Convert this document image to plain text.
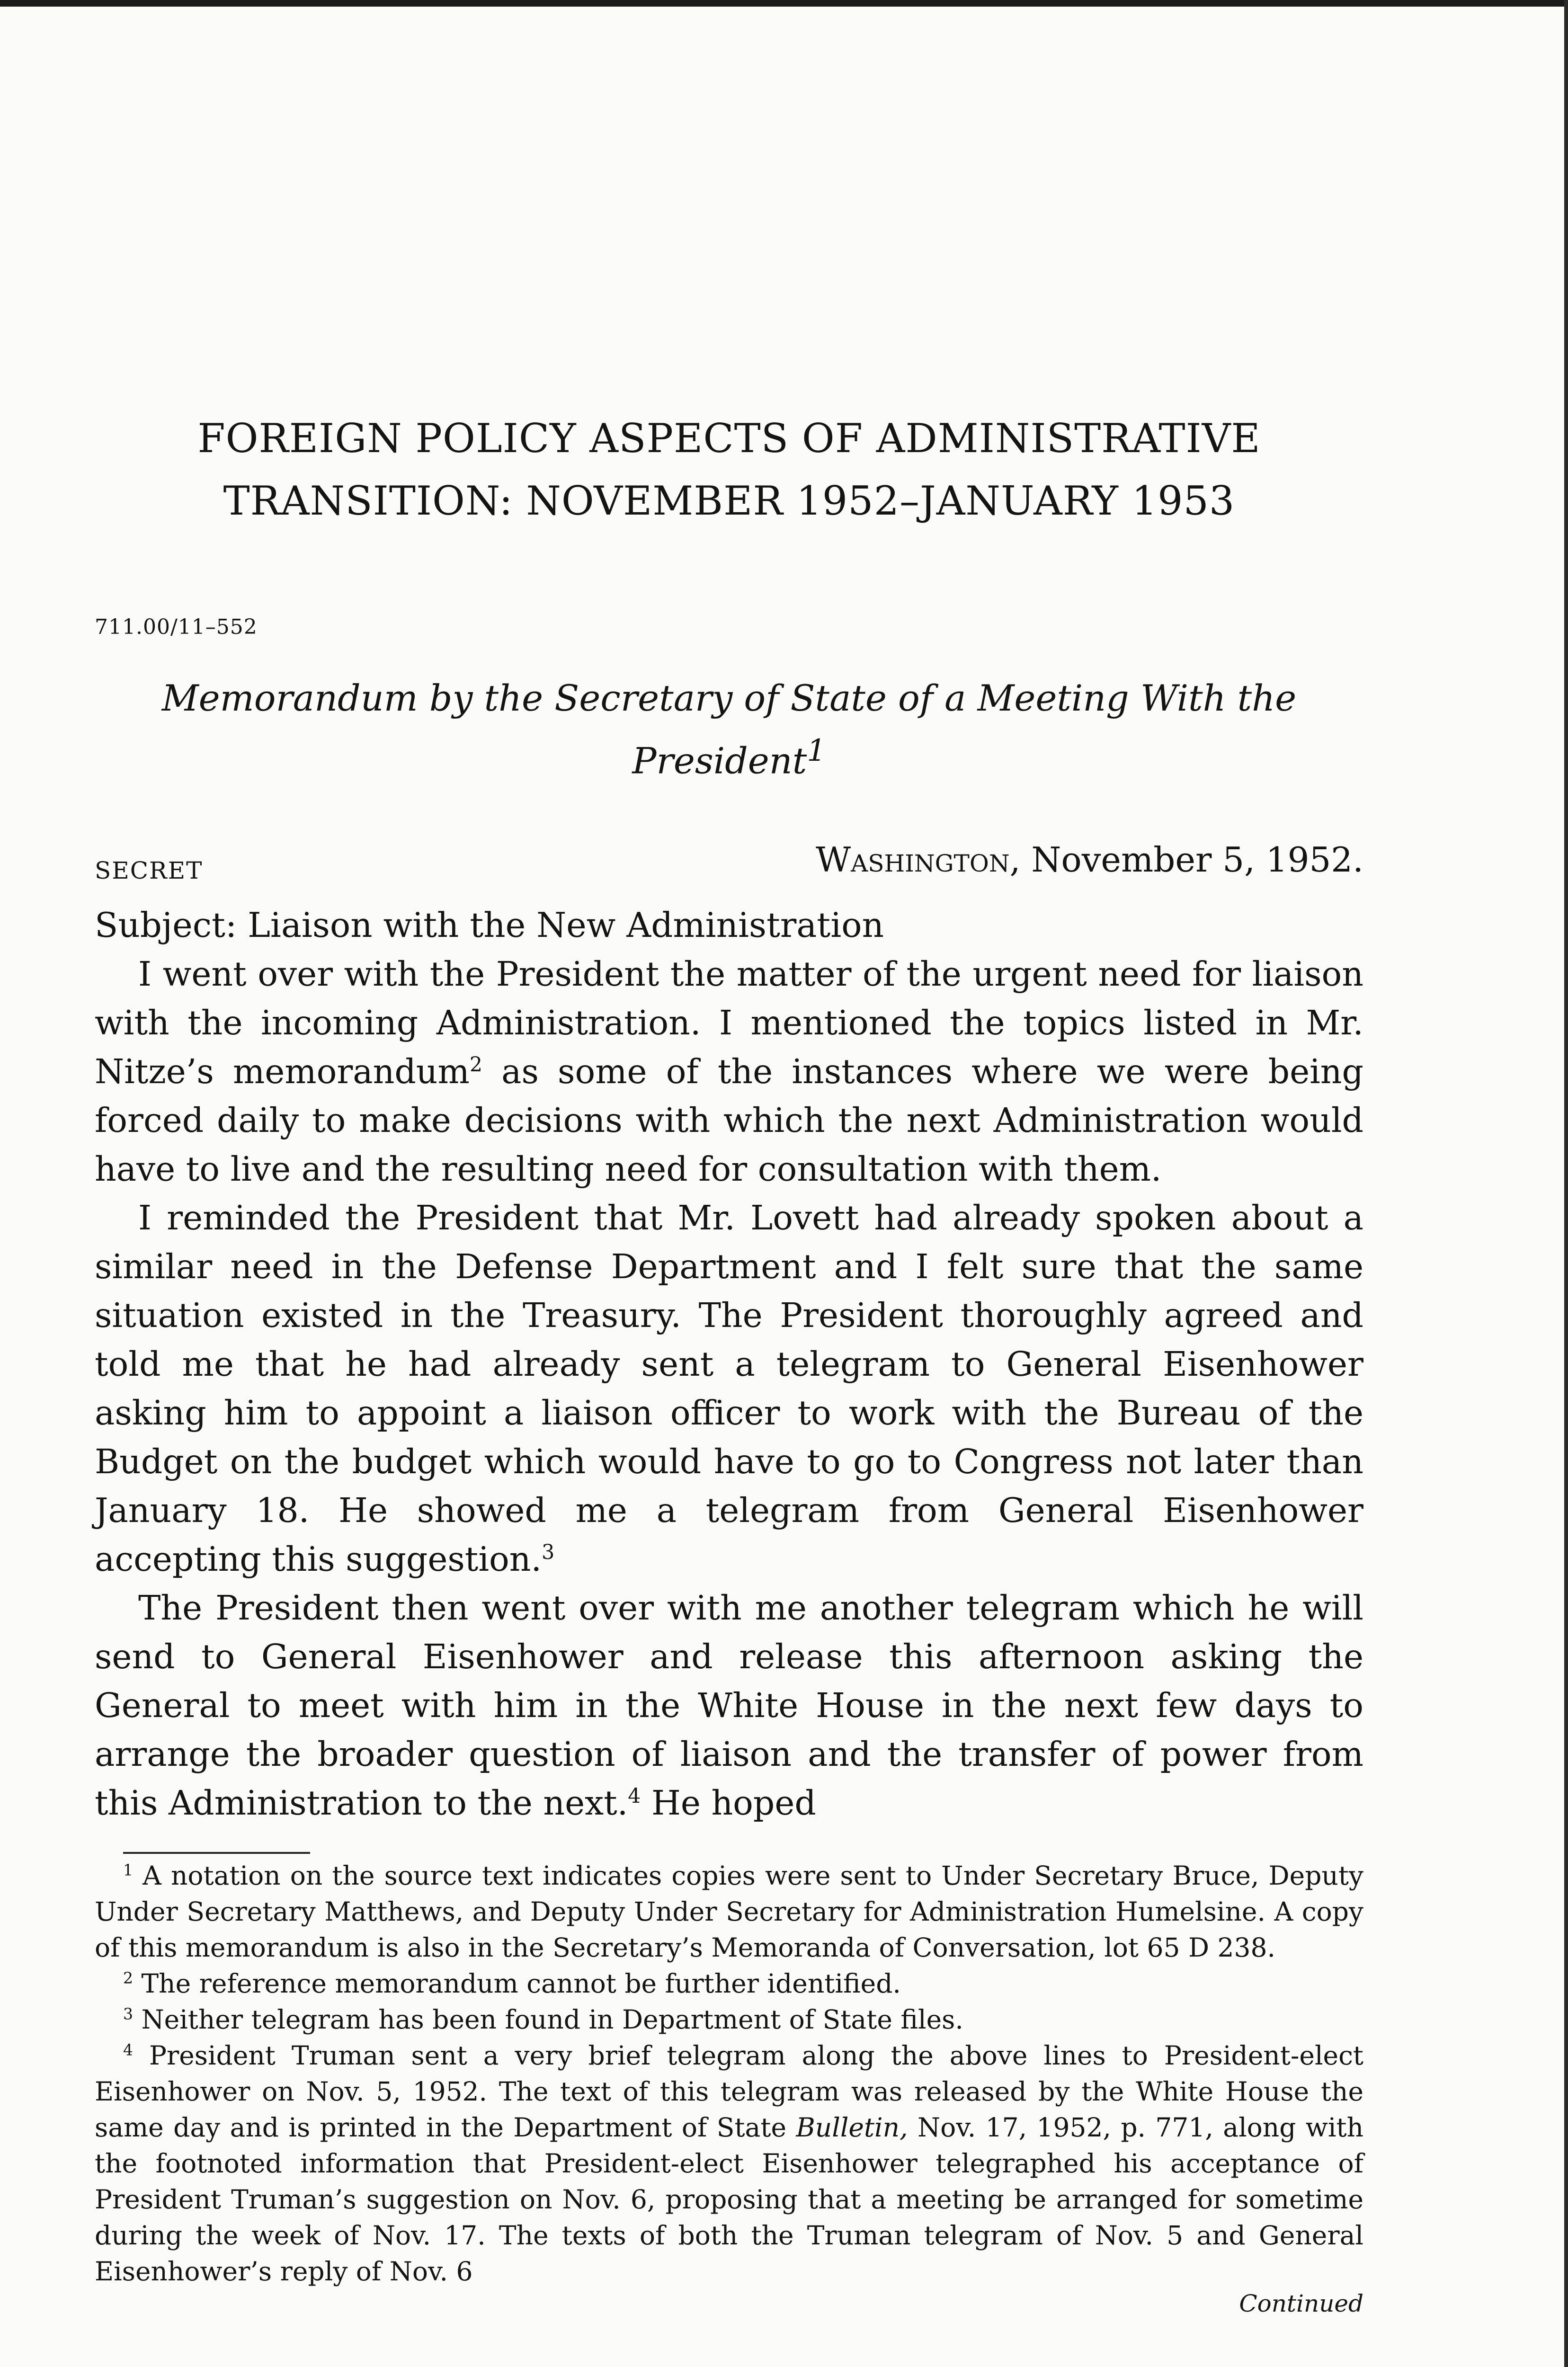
FOREIGN POLICY ASPECTS OF ADMINISTRATIVE
TRANSITION: NOVEMBER 1952–JANUARY 1953
711.00/11–552
Memorandum by the Secretary of State of a Meeting With the President$^1$
SECRET	Washington, November 5, 1952.
Subject: Liaison with the New Administration

I went over with the President the matter of the urgent need for liaison with the incoming Administration. I mentioned the topics listed in Mr. Nitze’s memorandum$^2$ as some of the instances where we were being forced daily to make decisions with which the next Administration would have to live and the resulting need for consultation with them.

I reminded the President that Mr. Lovett had already spoken about a similar need in the Defense Department and I felt sure that the same situation existed in the Treasury. The President thoroughly agreed and told me that he had already sent a telegram to General Eisenhower asking him to appoint a liaison officer to work with the Bureau of the Budget on the budget which would have to go to Congress not later than January 18. He showed me a telegram from General Eisenhower accepting this suggestion.$^3$

The President then went over with me another telegram which he will send to General Eisenhower and release this afternoon asking the General to meet with him in the White House in the next few days to arrange the broader question of liaison and the transfer of power from this Administration to the next.$^4$ He hoped

$^1$ A notation on the source text indicates copies were sent to Under Secretary Bruce, Deputy Under Secretary Matthews, and Deputy Under Secretary for Administration Humelsine. A copy of this memorandum is also in the Secretary’s Memoranda of Conversation, lot 65 D 238.

$^2$ The reference memorandum cannot be further identified.

$^3$ Neither telegram has been found in Department of State files.

$^4$ President Truman sent a very brief telegram along the above lines to President-elect Eisenhower on Nov. 5, 1952. The text of this telegram was released by the White House the same day and is printed in the Department of State Bulletin, Nov. 17, 1952, p. 771, along with the footnoted information that President-elect Eisenhower telegraphed his acceptance of President Truman’s suggestion on Nov. 6, proposing that a meeting be arranged for sometime during the week of Nov. 17. The texts of both the Truman telegram of Nov. 5 and General Eisenhower’s reply of Nov. 6

Continued
